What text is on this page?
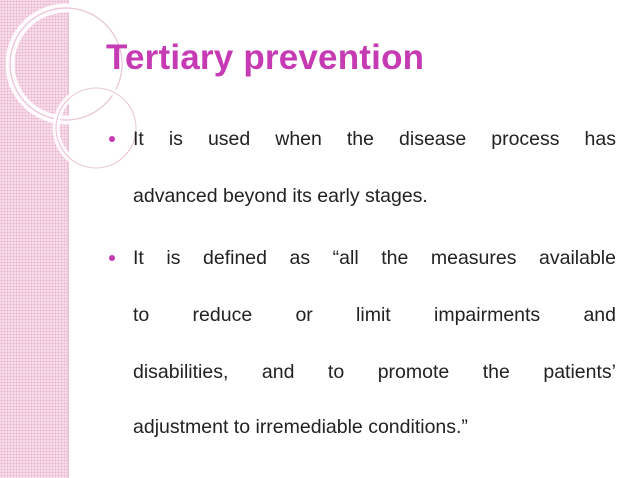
Tertiary prevention
It is used when the disease process has
advanced beyond its early stages.
It is defined as “all the measures available
to reduce or limit impairments and
disabilities, and to promote the patients’
adjustment to irremediable conditions.”
